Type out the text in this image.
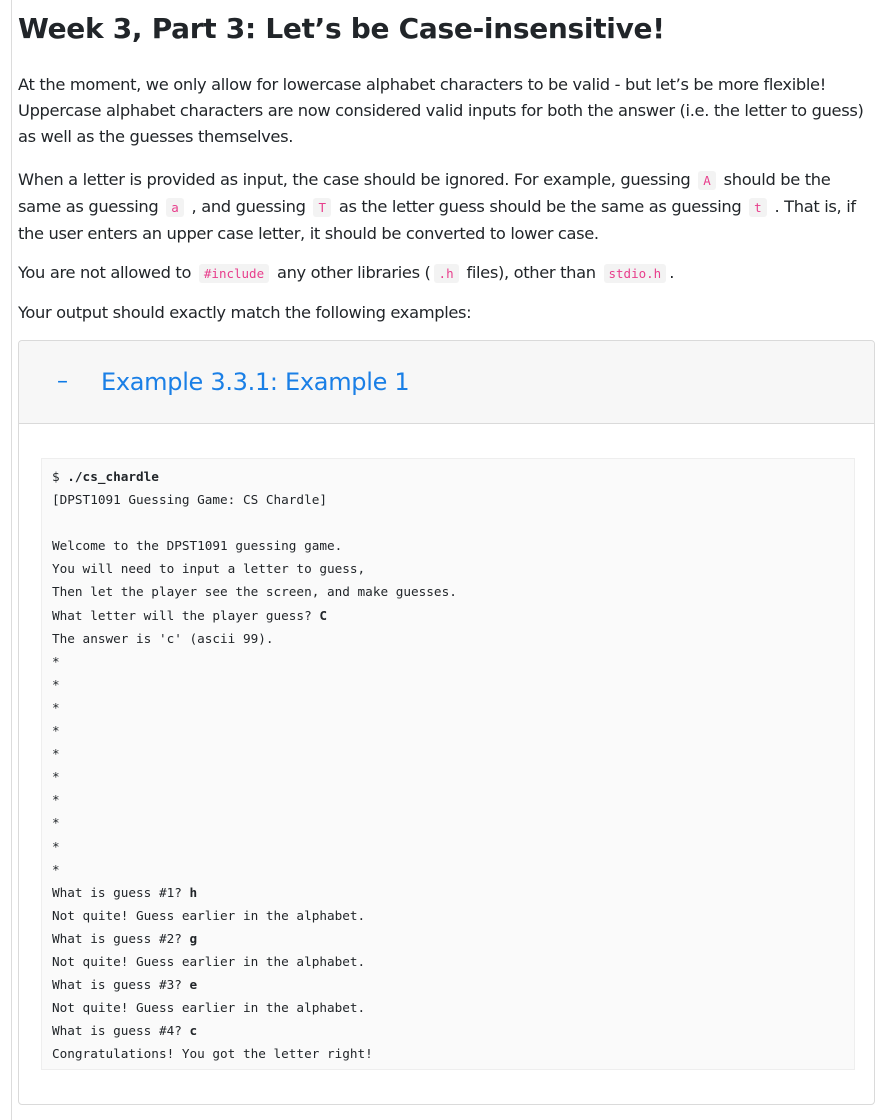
Week 3, Part 3: Let’s be Case-insensitive!

At the moment, we only allow for lowercase alphabet characters to be valid - but let’s be more flexible! Uppercase alphabet characters are now considered valid inputs for both the answer (i.e. the letter to guess) as well as the guesses themselves.

When a letter is provided as input, the case should be ignored. For example, guessing A should be the same as guessing a , and guessing T as the letter guess should be the same as guessing t . That is, if the user enters an upper case letter, it should be converted to lower case.

You are not allowed to #include any other libraries ( .h files), other than stdio.h .

Your output should exactly match the following examples:

– Example 3.3.1: Example 1
$ ./cs_chardle
[DPST1091 Guessing Game: CS Chardle]
Welcome to the DPST1091 guessing game.
You will need to input a letter to guess,
Then let the player see the screen, and make guesses.
What letter will the player guess? C
The answer is 'c' (ascii 99).
*
*
*
*
*
*
*
*
*
*
What is guess #1? h
Not quite! Guess earlier in the alphabet.
What is guess #2? g
Not quite! Guess earlier in the alphabet.
What is guess #3? e
Not quite! Guess earlier in the alphabet.
What is guess #4? c
Congratulations! You got the letter right!
